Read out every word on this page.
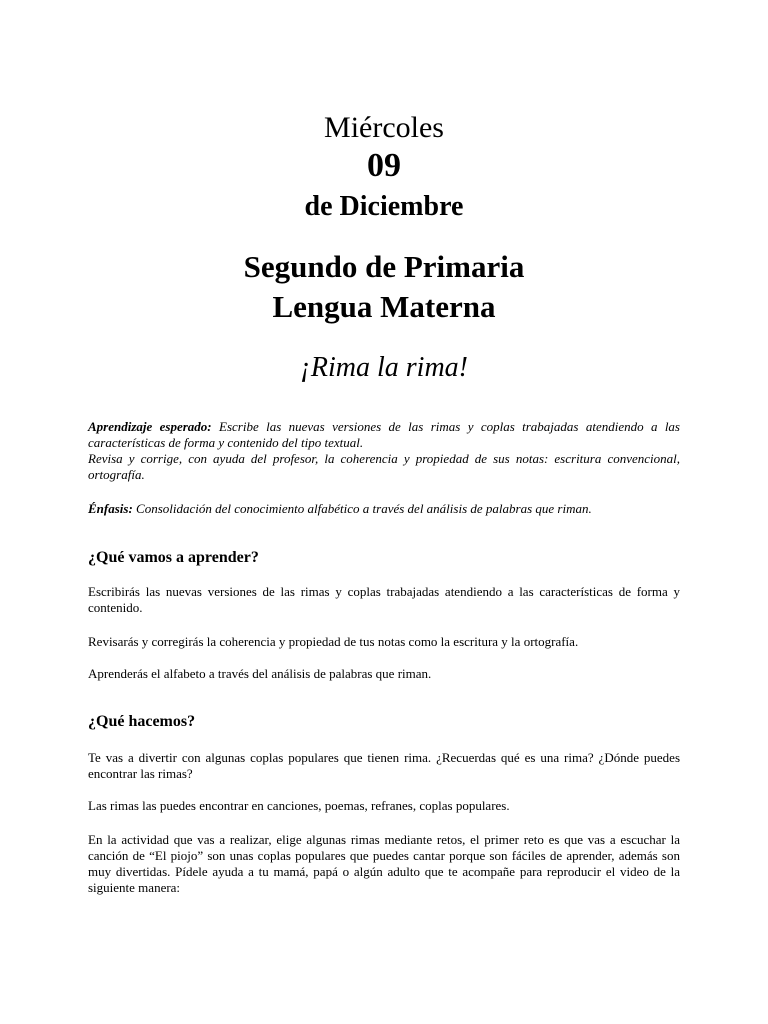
Miércoles
09
de Diciembre
Segundo de Primaria
Lengua Materna
¡Rima la rima!

Aprendizaje esperado: Escribe las nuevas versiones de las rimas y coplas trabajadas atendiendo a las características de forma y contenido del tipo textual.

Revisa y corrige, con ayuda del profesor, la coherencia y propiedad de sus notas: escritura convencional, ortografía.

Énfasis: Consolidación del conocimiento alfabético a través del análisis de palabras que riman.

¿Qué vamos a aprender?

Escribirás las nuevas versiones de las rimas y coplas trabajadas atendiendo a las características de forma y contenido.

Revisarás y corregirás la coherencia y propiedad de tus notas como la escritura y la ortografía.

Aprenderás el alfabeto a través del análisis de palabras que riman.

¿Qué hacemos?

Te vas a divertir con algunas coplas populares que tienen rima. ¿Recuerdas qué es una rima? ¿Dónde puedes encontrar las rimas?

Las rimas las puedes encontrar en canciones, poemas, refranes, coplas populares.

En la actividad que vas a realizar, elige algunas rimas mediante retos, el primer reto es que vas a escuchar la canción de “El piojo” son unas coplas populares que puedes cantar porque son fáciles de aprender, además son muy divertidas. Pídele ayuda a tu mamá, papá o algún adulto que te acompañe para reproducir el video de la siguiente manera:
